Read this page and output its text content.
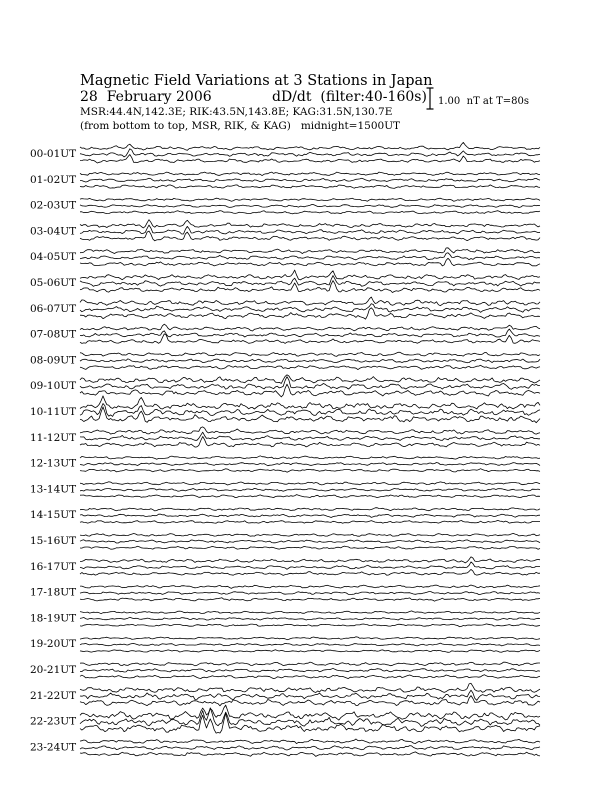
Magnetic Field Variations at 3 Stations in Japan
28  February 2006	dD/dt  (filter:40-160s)
MSR:44.4N,142.3E; RIK:43.5N,143.8E; KAG:31.5N,130.7E
(from bottom to top, MSR, RIK, & KAG)   midnight=1500UT
1.00  nT at T=80s
00-01UT
01-02UT
02-03UT
03-04UT
04-05UT
05-06UT
06-07UT
07-08UT
08-09UT
09-10UT
10-11UT
11-12UT
12-13UT
13-14UT
14-15UT
15-16UT
16-17UT
17-18UT
18-19UT
19-20UT
20-21UT
21-22UT
22-23UT
23-24UT
